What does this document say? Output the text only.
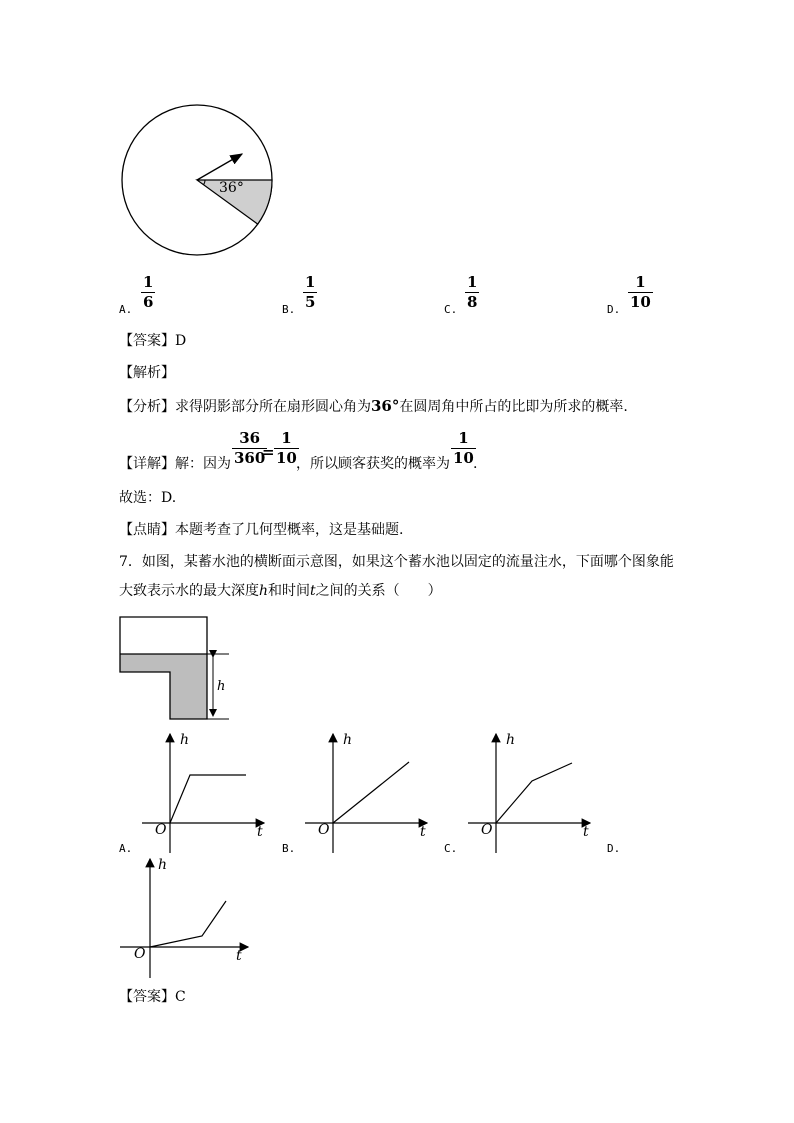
36°
A.
1
6	B.
1
5	C.
1
8	D.
1
10
【答案】D
【解析】
【分析】求得阴影部分所在扇形圆心角为36°在圆周角中所占的比即为所求的概率.
【详解】解：因为
36
360
=
1
10 ，所以顾客获奖的概率为
1
10 .
故选：D.
【点睛】本题考查了几何型概率，这是基础题.
7．如图，某蓄水池的横断面示意图，如果这个蓄水池以固定的流量注水，下面哪个图象能
大致表示水的最大深度h和时间t之间的关系（　　）
h
h
t
O
A.
h
t
O
B.
h
t
O
C.	D.
h
t
O
【答案】C
